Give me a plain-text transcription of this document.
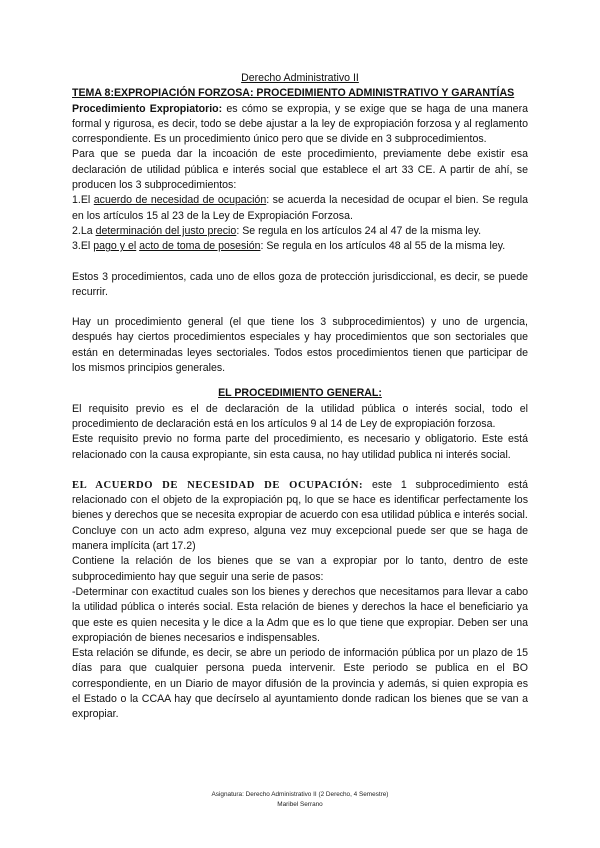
Derecho Administrativo II

TEMA 8:EXPROPIACIÓN FORZOSA: PROCEDIMIENTO ADMINISTRATIVO Y GARANTÍAS

Procedimiento Expropiatorio: es cómo se expropia, y se exige que se haga de una manera formal y rigurosa, es decir, todo se debe ajustar a la ley de expropiación forzosa y al reglamento correspondiente. Es un procedimiento único pero que se divide en 3 subprocedimientos.

Para que se pueda dar la incoación de este procedimiento, previamente debe existir esa declaración de utilidad pública e interés social que establece el art 33 CE. A partir de ahí, se producen los 3 subprocedimientos:

1.El acuerdo de necesidad de ocupación: se acuerda la necesidad de ocupar el bien. Se regula en los artículos 15 al 23 de la Ley de Expropiación Forzosa.

2.La determinación del justo precio: Se regula en los artículos 24 al 47 de la misma ley.

3.El pago y el acto de toma de posesión: Se regula en los artículos 48 al 55 de la misma ley.

Estos 3 procedimientos, cada uno de ellos goza de protección jurisdiccional, es decir, se puede recurrir.

Hay un procedimiento general (el que tiene los 3 subprocedimientos) y uno de urgencia, después hay ciertos procedimientos especiales y hay procedimientos que son sectoriales que están en determinadas leyes sectoriales. Todos estos procedimientos tienen que participar de los mismos principios generales.

EL PROCEDIMIENTO GENERAL:

El requisito previo es el de declaración de la utilidad pública o interés social, todo el procedimiento de declaración está en los artículos 9 al 14 de Ley de expropiación forzosa.

Este requisito previo no forma parte del procedimiento, es necesario y obligatorio. Este está relacionado con la causa expropiante, sin esta causa, no hay utilidad publica ni interés social.

EL ACUERDO DE NECESIDAD DE OCUPACIÓN: este 1 subprocedimiento está relacionado con el objeto de la expropiación pq, lo que se hace es identificar perfectamente los bienes y derechos que se necesita expropiar de acuerdo con esa utilidad pública e interés social.

Concluye con un acto adm expreso, alguna vez muy excepcional puede ser que se haga de manera implícita (art 17.2)

Contiene la relación de los bienes que se van a expropiar por lo tanto, dentro de este subprocedimiento hay que seguir una serie de pasos:

-Determinar con exactitud cuales son los bienes y derechos que necesitamos para llevar a cabo la utilidad pública o interés social. Esta relación de bienes y derechos la hace el beneficiario ya que este es quien necesita y le dice a la Adm que es lo que tiene que expropiar. Deben ser una expropiación de bienes necesarios e indispensables.

Esta relación se difunde, es decir, se abre un periodo de información pública por un plazo de 15 días para que cualquier persona pueda intervenir. Este periodo se publica en el BO correspondiente, en un Diario de mayor difusión de la provincia y además, si quien expropia es el Estado o la CCAA hay que decírselo al ayuntamiento donde radican los bienes que se van a expropiar.

Asignatura: Derecho Administrativo II (2 Derecho, 4 Semestre)
Maribel Serrano
